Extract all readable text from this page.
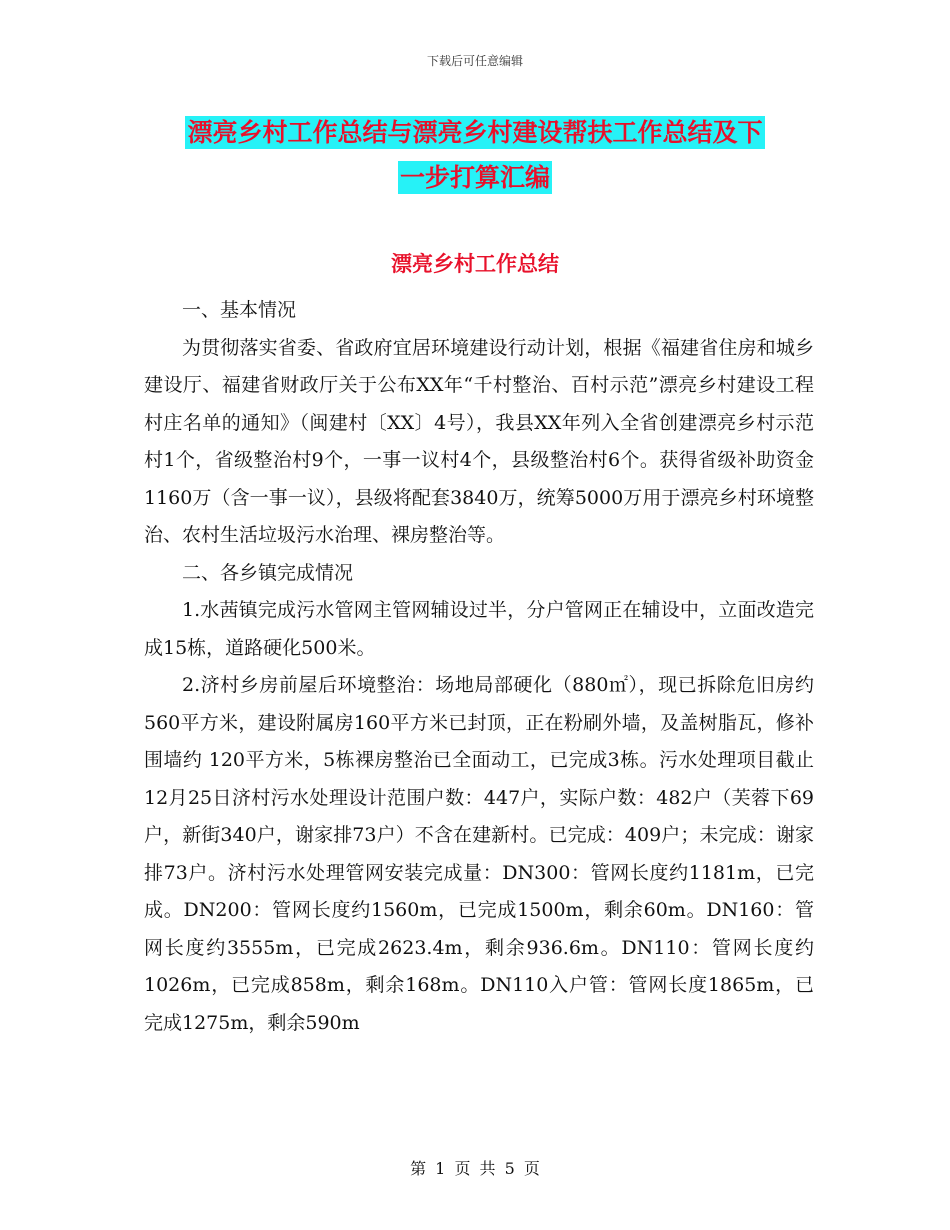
下载后可任意编辑
漂亮乡村工作总结与漂亮乡村建设帮扶工作总结及下
一步打算汇编
漂亮乡村工作总结

一、基本情况

为贯彻落实省委、省政府宜居环境建设行动计划，根据《福建省住房和城乡建设厅、福建省财政厅关于公布XX年“千村整治、百村示范”漂亮乡村建设工程村庄名单的通知》（闽建村〔XX〕4号），我县XX年列入全省创建漂亮乡村示范村1个，省级整治村9个，一事一议村4个，县级整治村6个。获得省级补助资金1160万（含一事一议），县级将配套3840万，统筹5000万用于漂亮乡村环境整治、农村生活垃圾污水治理、裸房整治等。

二、各乡镇完成情况

1.水茜镇完成污水管网主管网辅设过半，分户管网正在辅设中，立面改造完成15栋，道路硬化500米。

2.济村乡房前屋后环境整治：场地局部硬化（880㎡），现已拆除危旧房约560平方米，建设附属房160平方米已封顶，正在粉刷外墙，及盖树脂瓦，修补围墙约 120平方米，5栋裸房整治已全面动工，已完成3栋。污水处理项目截止12月25日济村污水处理设计范围户数：447户，实际户数：482户（芙蓉下69户，新街340户，谢家排73户）不含在建新村。已完成：409户；未完成：谢家排73户。济村污水处理管网安装完成量：DN300：管网长度约1181m，已完成。DN200：管网长度约1560m，已完成1500m，剩余60m。DN160：管网长度约3555m，已完成2623.4m，剩余936.6m。DN110：管网长度约1026m，已完成858m，剩余168m。DN110入户管：管网长度1865m，已完成1275m，剩余590m

第 1 页 共 5 页
